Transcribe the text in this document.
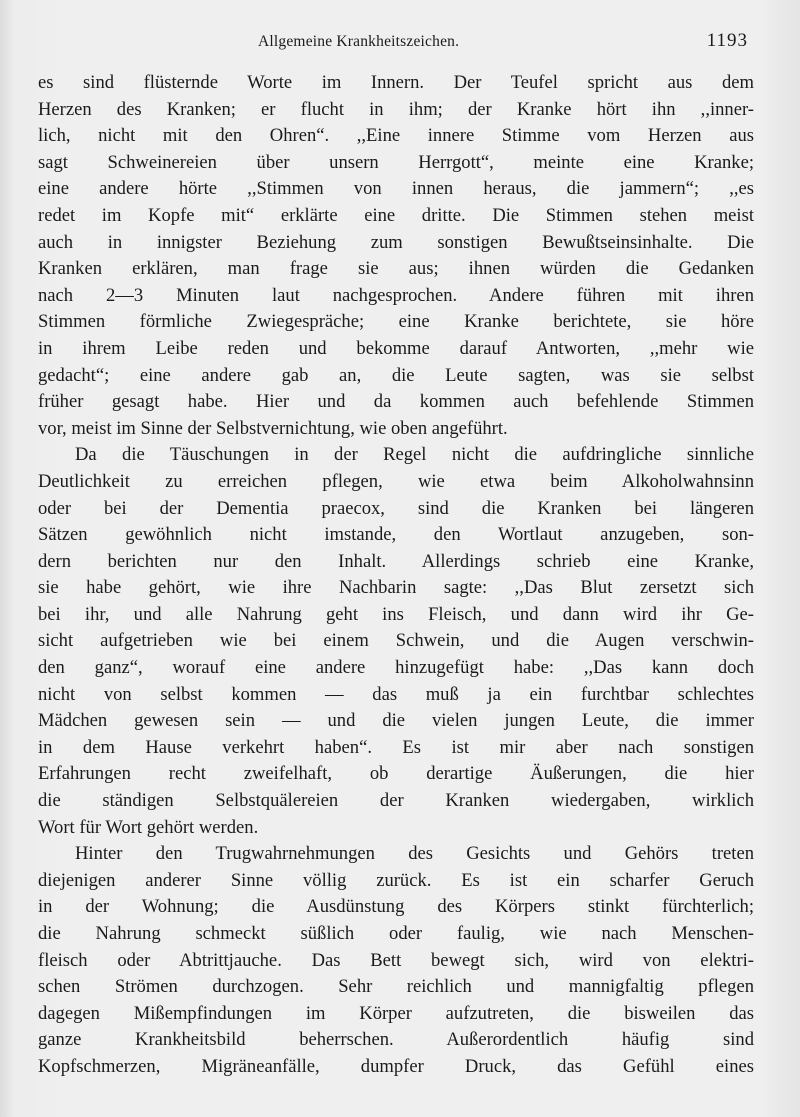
Allgemeine Krankheitszeichen.	1193

es sind flüsternde Worte im Innern. Der Teufel spricht aus dem

Herzen des Kranken; er flucht in ihm; der Kranke hört ihn ,,inner-

lich, nicht mit den Ohren“. ,,Eine innere Stimme vom Herzen aus

sagt Schweinereien über unsern Herrgott“, meinte eine Kranke;

eine andere hörte ,,Stimmen von innen heraus, die jammern“; ,,es

redet im Kopfe mit“ erklärte eine dritte. Die Stimmen stehen meist

auch in innigster Beziehung zum sonstigen Bewußtseinsinhalte. Die

Kranken erklären, man frage sie aus; ihnen würden die Gedanken

nach 2—3 Minuten laut nachgesprochen. Andere führen mit ihren

Stimmen förmliche Zwiegespräche; eine Kranke berichtete, sie höre

in ihrem Leibe reden und bekomme darauf Antworten, ,,mehr wie

gedacht“; eine andere gab an, die Leute sagten, was sie selbst

früher gesagt habe. Hier und da kommen auch befehlende Stimmen

vor, meist im Sinne der Selbstvernichtung, wie oben angeführt.

Da die Täuschungen in der Regel nicht die aufdringliche sinnliche

Deutlichkeit zu erreichen pflegen, wie etwa beim Alkoholwahnsinn

oder bei der Dementia praecox, sind die Kranken bei längeren

Sätzen gewöhnlich nicht imstande, den Wortlaut anzugeben, son-

dern berichten nur den Inhalt. Allerdings schrieb eine Kranke,

sie habe gehört, wie ihre Nachbarin sagte: ,,Das Blut zersetzt sich

bei ihr, und alle Nahrung geht ins Fleisch, und dann wird ihr Ge-

sicht aufgetrieben wie bei einem Schwein, und die Augen verschwin-

den ganz“, worauf eine andere hinzugefügt habe: ,,Das kann doch

nicht von selbst kommen — das muß ja ein furchtbar schlechtes

Mädchen gewesen sein — und die vielen jungen Leute, die immer

in dem Hause verkehrt haben“. Es ist mir aber nach sonstigen

Erfahrungen recht zweifelhaft, ob derartige Äußerungen, die hier

die ständigen Selbstquälereien der Kranken wiedergaben, wirklich

Wort für Wort gehört werden.

Hinter den Trugwahrnehmungen des Gesichts und Gehörs treten

diejenigen anderer Sinne völlig zurück. Es ist ein scharfer Geruch

in der Wohnung; die Ausdünstung des Körpers stinkt fürchterlich;

die Nahrung schmeckt süßlich oder faulig, wie nach Menschen-

fleisch oder Abtrittjauche. Das Bett bewegt sich, wird von elektri-

schen Strömen durchzogen. Sehr reichlich und mannigfaltig pflegen

dagegen Mißempfindungen im Körper aufzutreten, die bisweilen das

ganze Krankheitsbild beherrschen. Außerordentlich häufig sind

Kopfschmerzen, Migräneanfälle, dumpfer Druck, das Gefühl eines
